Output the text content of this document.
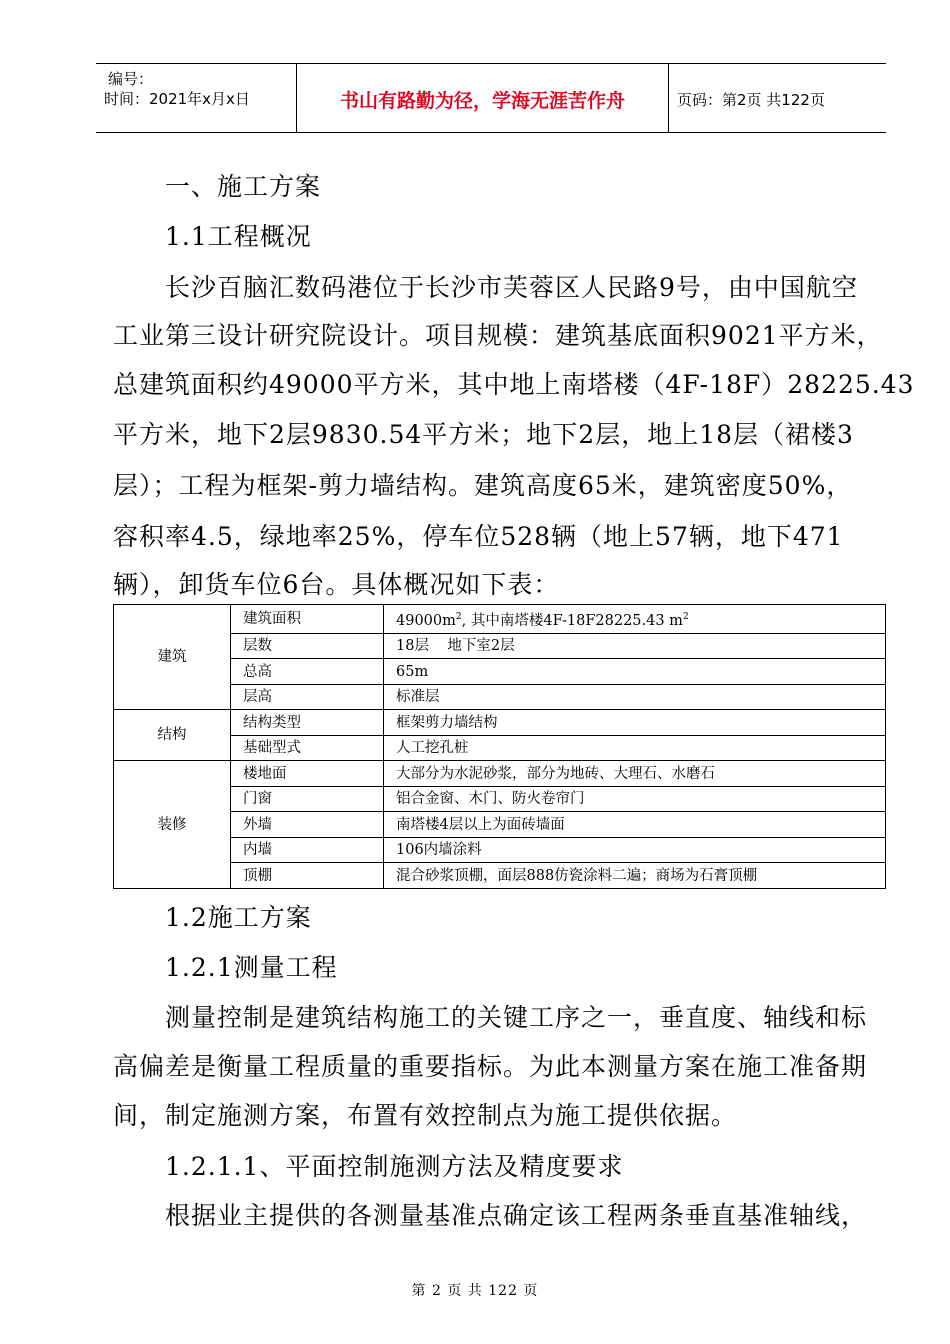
编号：
时间：2021年x月x日	书山有路勤为径，学海无涯苦作舟	页码：第2页 共122页
一、施工方案
1.1工程概况
长沙百脑汇数码港位于长沙市芙蓉区人民路9号，由中国航空
工业第三设计研究院设计。项目规模：建筑基底面积9021平方米，
总建筑面积约49000平方米，其中地上南塔楼（4F-18F）28225.43
平方米，地下2层9830.54平方米；地下2层，地上18层（裙楼3
层）；工程为框架-剪力墙结构。建筑高度65米，建筑密度50%，
容积率4.5，绿地率25%，停车位528辆（地上57辆，地下471
辆），卸货车位6台。具体概况如下表：
建筑	建筑面积	$49000m^2$, 其中南塔楼4F-18F28225.43 $m^2$
	层数	18层    地下室2层
	总高	65m
	层高	标准层
结构	结构类型	框架剪力墙结构
	基础型式	人工挖孔桩
装修	楼地面	大部分为水泥砂浆，部分为地砖、大理石、水磨石
	门窗	铝合金窗、木门、防火卷帘门
	外墙	南塔楼4层以上为面砖墙面
	内墙	106内墙涂料
	顶棚	混合砂浆顶棚，面层888仿瓷涂料二遍；商场为石膏顶棚
1.2施工方案
1.2.1测量工程
测量控制是建筑结构施工的关键工序之一，垂直度、轴线和标
高偏差是衡量工程质量的重要指标。为此本测量方案在施工准备期
间，制定施测方案，布置有效控制点为施工提供依据。
1.2.1.1、平面控制施测方法及精度要求
根据业主提供的各测量基准点确定该工程两条垂直基准轴线，
第 2 页 共 122 页
